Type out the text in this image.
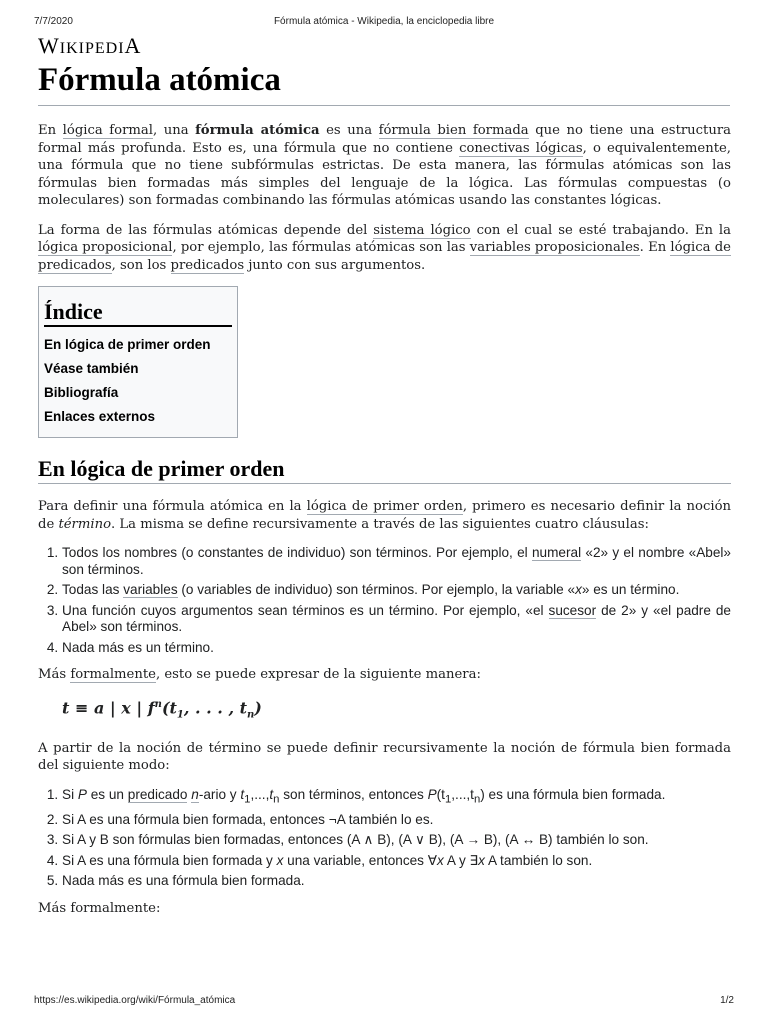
7/7/2020	Fórmula atómica - Wikipedia, la enciclopedia libre
WIKIPEDIA
Fórmula atómica

En lógica formal, una fórmula atómica es una fórmula bien formada que no tiene una estructura formal más profunda. Esto es, una fórmula que no contiene conectivas lógicas, o equivalentemente, una fórmula que no tiene subfórmulas estrictas. De esta manera, las fórmulas atómicas son las fórmulas bien formadas más simples del lenguaje de la lógica. Las fórmulas compuestas (o moleculares) son formadas combinando las fórmulas atómicas usando las constantes lógicas.

La forma de las fórmulas atómicas depende del sistema lógico con el cual se esté trabajando. En la lógica proposicional, por ejemplo, las fórmulas atómicas son las variables proposicionales. En lógica de predicados, son los predicados junto con sus argumentos.

Índice
En lógica de primer orden
Véase también
Bibliografía
Enlaces externos
En lógica de primer orden

Para definir una fórmula atómica en la lógica de primer orden, primero es necesario definir la noción de término. La misma se define recursivamente a través de las siguientes cuatro cláusulas:

1. Todos los nombres (o constantes de individuo) son términos. Por ejemplo, el numeral «2» y el nombre «Abel» son términos.
2. Todas las variables (o variables de individuo) son términos. Por ejemplo, la variable «x» es un término.
3. Una función cuyos argumentos sean términos es un término. Por ejemplo, «el sucesor de 2» y «el padre de Abel» son términos.
4. Nada más es un término.

Más formalmente, esto se puede expresar de la siguiente manera:

t ≡ a | x | $f^n(t_1$, . . . , $t_n$)

A partir de la noción de término se puede definir recursivamente la noción de fórmula bien formada del siguiente modo:

1. Si P es un predicado n-ario y $t_1,...,t_n$ son términos, entonces $P(t_1,...,t_n)$ es una fórmula bien formada.
2. Si A es una fórmula bien formada, entonces ¬A también lo es.
3. Si A y B son fórmulas bien formadas, entonces (A ∧ B), (A ∨ B), (A → B), (A ↔ B) también lo son.
4. Si A es una fórmula bien formada y x una variable, entonces ∀x A y ∃x A también lo son.
5. Nada más es una fórmula bien formada.

Más formalmente:

https://es.wikipedia.org/wiki/Fórmula_atómica	1/2
